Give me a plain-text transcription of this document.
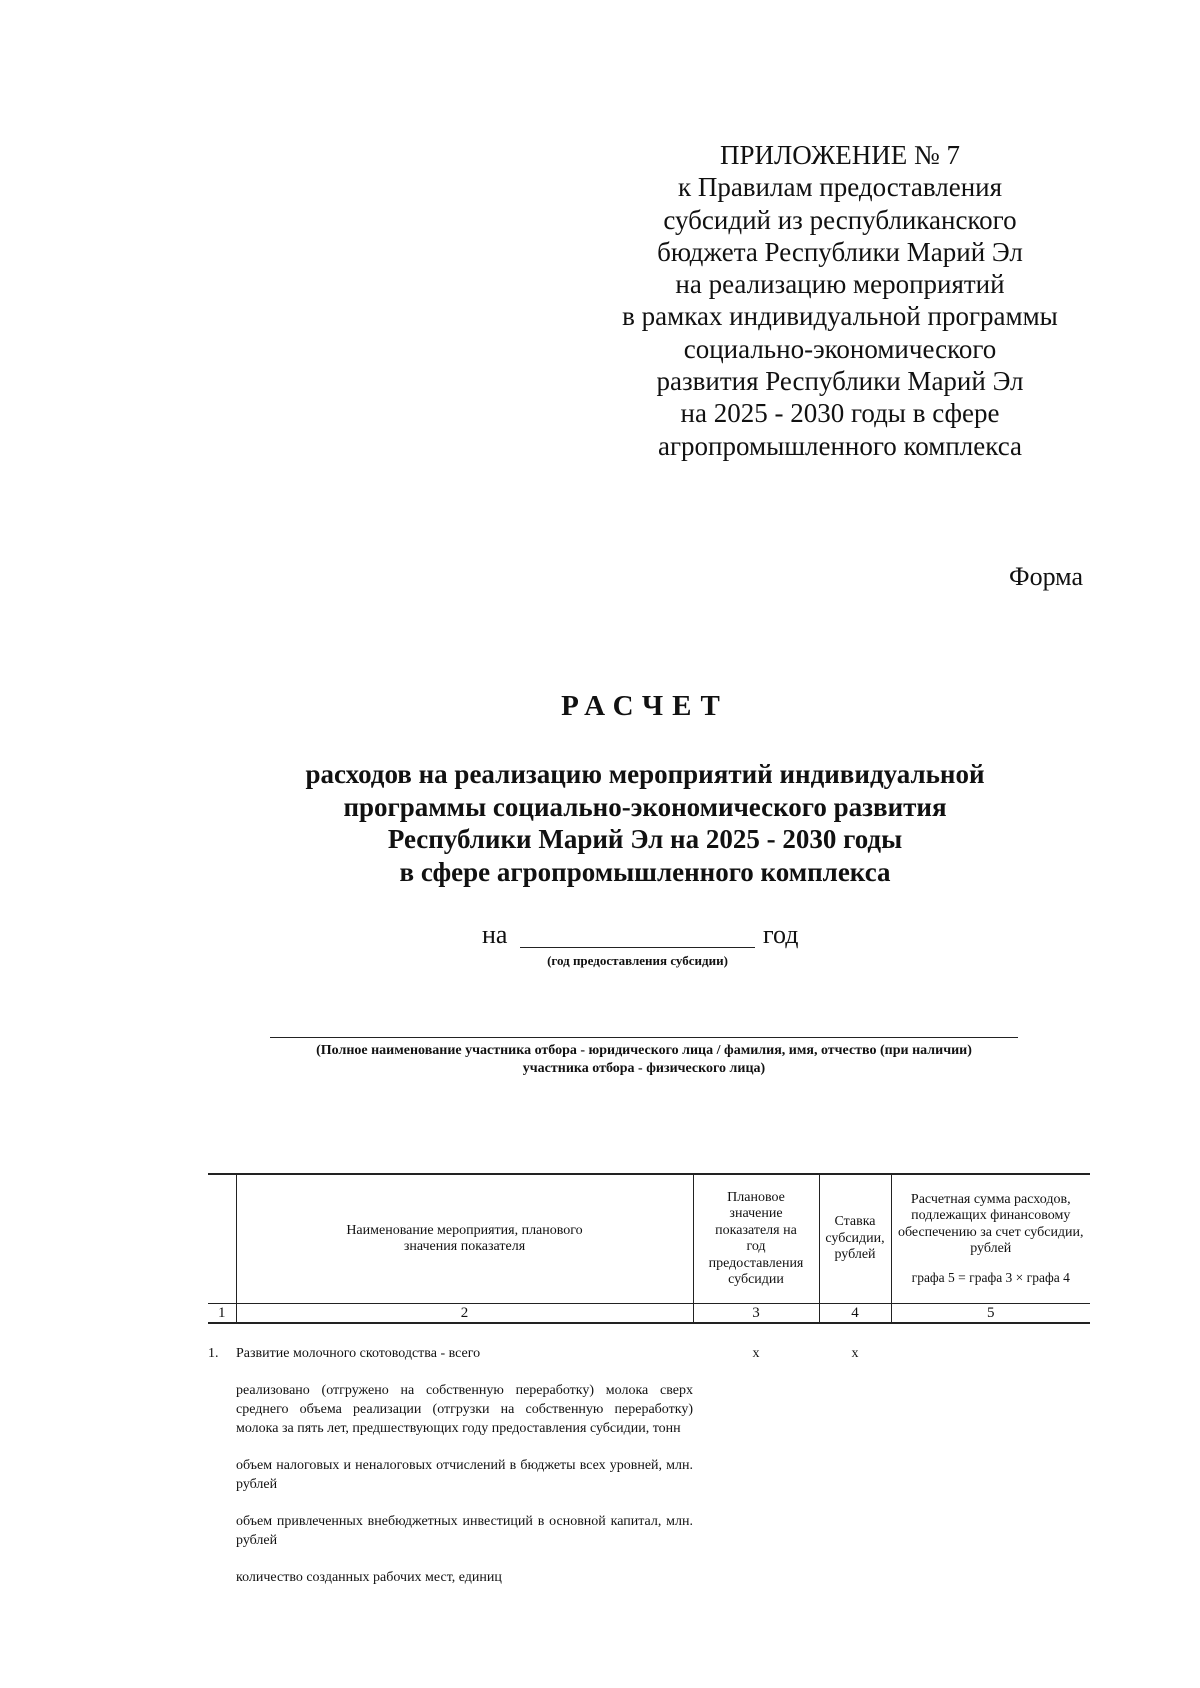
ПРИЛОЖЕНИЕ № 7
к Правилам предоставления
субсидий из республиканского
бюджета Республики Марий Эл
на реализацию мероприятий
в рамках индивидуальной программы
социально-экономического
развития Республики Марий Эл
на 2025 - 2030 годы в сфере
агропромышленного комплекса
Форма
РАСЧЕТ
расходов на реализацию мероприятий индивидуальной
программы социально-экономического развития
Республики Марий Эл на 2025 - 2030 годы
в сфере агропромышленного комплекса
на	год
(год предоставления субсидии)
(Полное наименование участника отбора - юридического лица / фамилия, имя, отчество (при наличии)
участника отбора - физического лица)
	Наименование мероприятия, планового значения показателя	Плановое значение показателя на год предоставления субсидии	Ставка субсидии, рублей	Расчетная сумма расходов, подлежащих финансовому обеспечению за счет субсидии, рублей
графа 5 = графа 3 × графа 4

1	2	3	4	5
1.	Развитие молочного скотоводства - всего	x	x	
	реализовано (отгружено на собственную переработку) молока сверх среднего объема реализации (отгрузки на собственную переработку) молока за пять лет, предшествующих году предоставления субсидии, тонн			
	объем налоговых и неналоговых отчислений в бюджеты всех уровней, млн. рублей			
	объем привлеченных внебюджетных инвестиций в основной капитал, млн. рублей			
	количество созданных рабочих мест, единиц			
